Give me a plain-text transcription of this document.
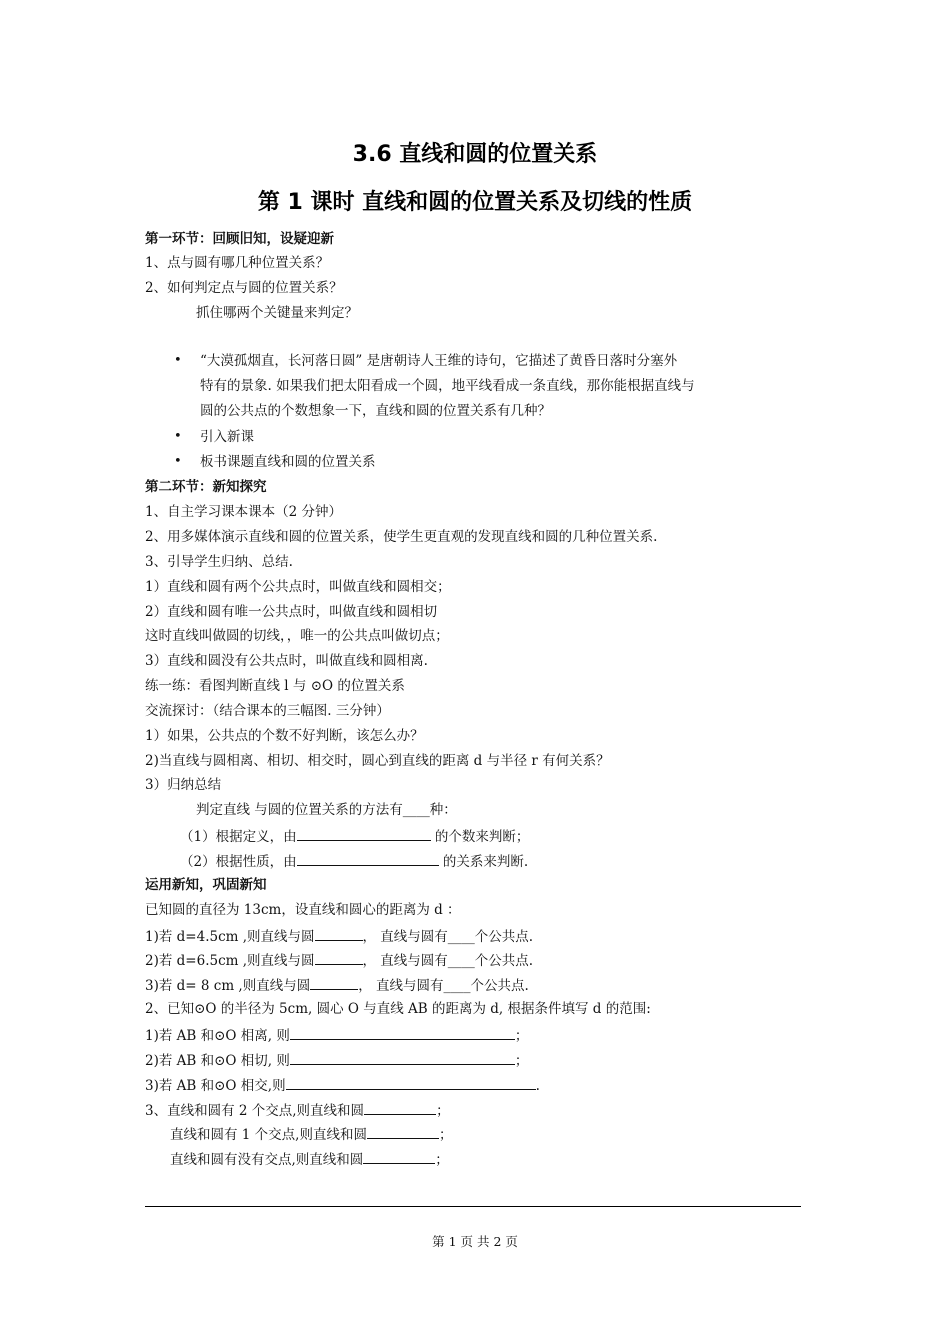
3.6 直线和圆的位置关系
第 1 课时 直线和圆的位置关系及切线的性质
第一环节：回顾旧知，设疑迎新
1、点与圆有哪几种位置关系？
2、如何判定点与圆的位置关系？
抓住哪两个关键量来判定？
• “大漠孤烟直，长河落日圆” 是唐朝诗人王维的诗句，它描述了黄昏日落时分塞外
特有的景象. 如果我们把太阳看成一个圆，地平线看成一条直线，那你能根据直线与
圆的公共点的个数想象一下，直线和圆的位置关系有几种？
• 引入新课
• 板书课题直线和圆的位置关系
第二环节：新知探究
1、自主学习课本课本（2 分钟）
2、用多媒体演示直线和圆的位置关系，使学生更直观的发现直线和圆的几种位置关系.
3、引导学生归纳、总结.
1）直线和圆有两个公共点时，叫做直线和圆相交；
2）直线和圆有唯一公共点时，叫做直线和圆相切
这时直线叫做圆的切线，，唯一的公共点叫做切点；
3）直线和圆没有公共点时，叫做直线和圆相离.
练一练：看图判断直线 l 与 ⊙O 的位置关系
交流探讨：（结合课本的三幅图. 三分钟）
1）如果，公共点的个数不好判断，该怎么办？
2)当直线与圆相离、相切、相交时，圆心到直线的距离 d 与半径 r 有何关系？
3）归纳总结
判定直线 与圆的位置关系的方法有____种：
（1）根据定义，由	的个数来判断；
（2）根据性质，由	的关系来判断.
运用新知，巩固新知
已知圆的直径为 13cm，设直线和圆心的距离为 d ：
1)若 d=4.5cm ,则直线与圆	， 直线与圆有____个公共点.
2)若 d=6.5cm ,则直线与圆	， 直线与圆有____个公共点.
3)若 d= 8 cm ,则直线与圆	， 直线与圆有____个公共点.
2、已知⊙O 的半径为 5cm, 圆心 O 与直线 AB 的距离为 d, 根据条件填写 d 的范围:
1)若 AB 和⊙O 相离, 则	；
2)若 AB 和⊙O 相切, 则	；
3)若 AB 和⊙O 相交,则	.
3、直线和圆有 2 个交点,则直线和圆	；
直线和圆有 1 个交点,则直线和圆	；
直线和圆有没有交点,则直线和圆	；
第 1 页 共 2 页
